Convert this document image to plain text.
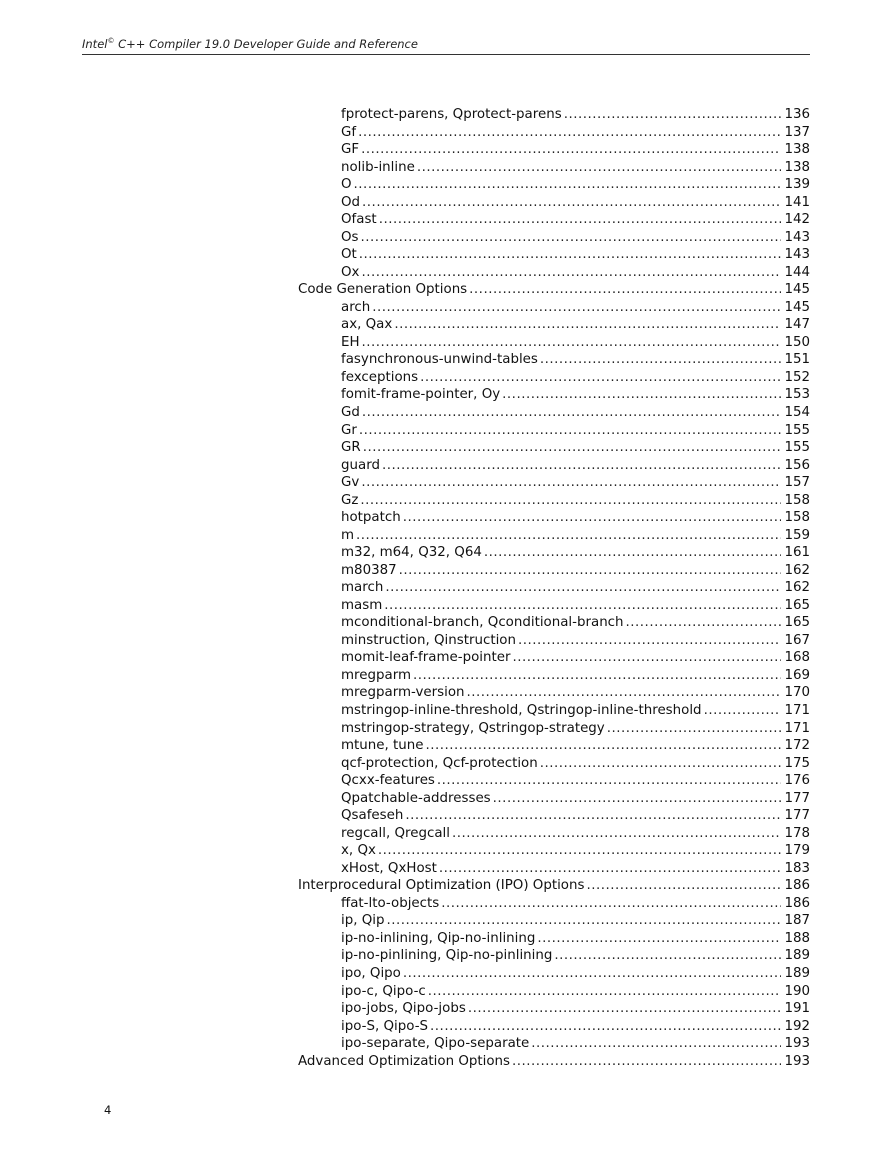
Intel© C++ Compiler 19.0 Developer Guide and Reference
fprotect-parens, Qprotect-parens .....	136
Gf .....	137
GF .....	138
nolib-inline .....	138
O .....	139
Od .....	141
Ofast .....	142
Os .....	143
Ot .....	143
Ox .....	144
Code Generation Options .....	145
arch .....	145
ax, Qax .....	147
EH .....	150
fasynchronous-unwind-tables .....	151
fexceptions .....	152
fomit-frame-pointer, Oy .....	153
Gd .....	154
Gr .....	155
GR .....	155
guard .....	156
Gv .....	157
Gz .....	158
hotpatch .....	158
m .....	159
m32, m64, Q32, Q64 .....	161
m80387 .....	162
march .....	162
masm .....	165
mconditional-branch, Qconditional-branch .....	165
minstruction, Qinstruction .....	167
momit-leaf-frame-pointer .....	168
mregparm .....	169
mregparm-version .....	170
mstringop-inline-threshold, Qstringop-inline-threshold .....	171
mstringop-strategy, Qstringop-strategy .....	171
mtune, tune .....	172
qcf-protection, Qcf-protection .....	175
Qcxx-features .....	176
Qpatchable-addresses .....	177
Qsafeseh .....	177
regcall, Qregcall .....	178
x, Qx .....	179
xHost, QxHost .....	183
Interprocedural Optimization (IPO) Options .....	186
ffat-lto-objects .....	186
ip, Qip .....	187
ip-no-inlining, Qip-no-inlining .....	188
ip-no-pinlining, Qip-no-pinlining .....	189
ipo, Qipo .....	189
ipo-c, Qipo-c .....	190
ipo-jobs, Qipo-jobs .....	191
ipo-S, Qipo-S .....	192
ipo-separate, Qipo-separate .....	193
Advanced Optimization Options .....	193
4
